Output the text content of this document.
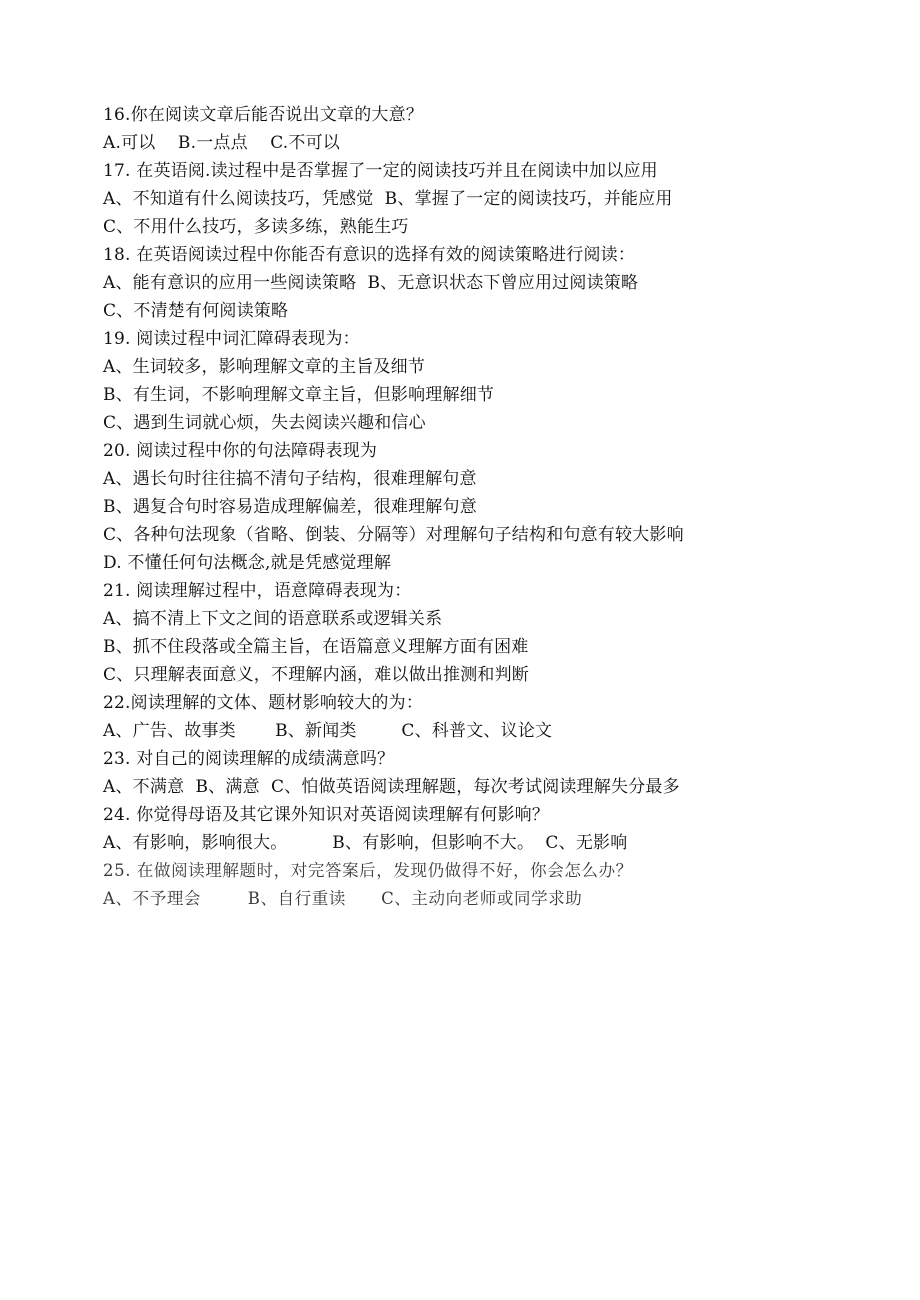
16.你在阅读文章后能否说出文章的大意？
A.可以    B.一点点    C.不可以
17. 在英语阅.读过程中是否掌握了一定的阅读技巧并且在阅读中加以应用
A、不知道有什么阅读技巧，凭感觉  B、掌握了一定的阅读技巧，并能应用
C、不用什么技巧，多读多练，熟能生巧
18. 在英语阅读过程中你能否有意识的选择有效的阅读策略进行阅读：
A、能有意识的应用一些阅读策略  B、无意识状态下曾应用过阅读策略
C、不清楚有何阅读策略
19. 阅读过程中词汇障碍表现为：
A、生词较多，影响理解文章的主旨及细节
B、有生词，不影响理解文章主旨，但影响理解细节
C、遇到生词就心烦，失去阅读兴趣和信心
20. 阅读过程中你的句法障碍表现为
A、遇长句时往往搞不清句子结构，很难理解句意
B、遇复合句时容易造成理解偏差，很难理解句意
C、各种句法现象（省略、倒装、分隔等）对理解句子结构和句意有较大影响
D. 不懂任何句法概念,就是凭感觉理解
21. 阅读理解过程中，语意障碍表现为：
A、搞不清上下文之间的语意联系或逻辑关系
B、抓不住段落或全篇主旨，在语篇意义理解方面有困难
C、只理解表面意义，不理解内涵，难以做出推测和判断
22.阅读理解的文体、题材影响较大的为：
A、广告、故事类       B、新闻类        C、科普文、议论文
23. 对自己的阅读理解的成绩满意吗？
A、不满意  B、满意  C、怕做英语阅读理解题，每次考试阅读理解失分最多
24. 你觉得母语及其它课外知识对英语阅读理解有何影响？
A、有影响，影响很大。        B、有影响，但影响不大。  C、无影响
25. 在做阅读理解题时，对完答案后，发现仍做得不好，你会怎么办？
A、不予理会        B、自行重读      C、主动向老师或同学求助
